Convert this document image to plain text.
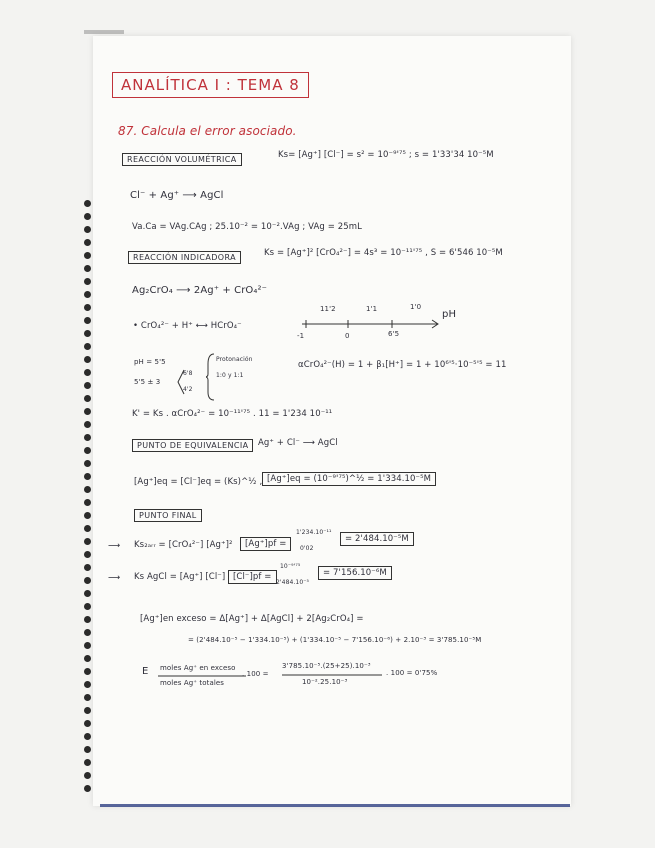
ANALÍTICA I : TEMA 8
87. Calcula el error asociado.
REACCIÓN VOLUMÉTRICA	Ks= [Ag⁺] [Cl⁻] = s² = 10⁻⁹'⁷⁵ ; s = 1'33'34 10⁻⁵M
Cl⁻ + Ag⁺ ⟶ AgCl
Va.Ca = VAg.CAg ; 25.10⁻² = 10⁻².VAg ; VAg = 25mL
REACCIÓN INDICADORA	Ks = [Ag⁺]² [CrO₄²⁻] = 4s³ = 10⁻¹¹'⁷⁵ , S = 6'546 10⁻⁵M
Ag₂CrO₄ ⟶ 2Ag⁺ + CrO₄²⁻
• CrO₄²⁻ + H⁺ ⟷ HCrO₄⁻
11'2	1'1	1'0
-1	0	6'5
pH
pH = 5'5
5'5 ± 3
6'8
4'2
Protonación
1:0 y 1:1
αCrO₄²⁻(H) = 1 + β₁[H⁺] = 1 + 10⁶'⁵·10⁻⁵'⁵ = 11
K' = Ks . αCrO₄²⁻ = 10⁻¹¹'⁷⁵ . 11 = 1'234 10⁻¹¹
PUNTO DE EQUIVALENCIA	Ag⁺ + Cl⁻ ⟶ AgCl
[Ag⁺]eq = [Cl⁻]eq = (Ks)^½ , [Ag⁺]eq = (10⁻⁹'⁷⁵)^½ = 1'334.10⁻⁵M
PUNTO FINAL
⟶ Ks₂ₐᵣᵣ = [CrO₄²⁻] [Ag⁺]²	[Ag⁺]pf =
1'234.10⁻¹¹
0'02
= 2'484.10⁻⁵M
⟶ Ks AgCl = [Ag⁺] [Cl⁻] [Cl⁻]pf =
10⁻⁹'⁷⁵
2'484.10⁻⁵
= 7'156.10⁻⁶M
[Ag⁺]en exceso = Δ[Ag⁺] + Δ[AgCl] + 2[Ag₂CrO₄] =
= (2'484.10⁻⁵ − 1'334.10⁻⁵) + (1'334.10⁻⁵ − 7'156.10⁻⁶) + 2.10⁻³ = 3'785.10⁻⁵M
E moles Ag⁺ en exceso
moles Ag⁺ totales
. 100 =
3'785.10⁻⁵.(25+25).10⁻³
10⁻².25.10⁻³
. 100 = 0'75%
